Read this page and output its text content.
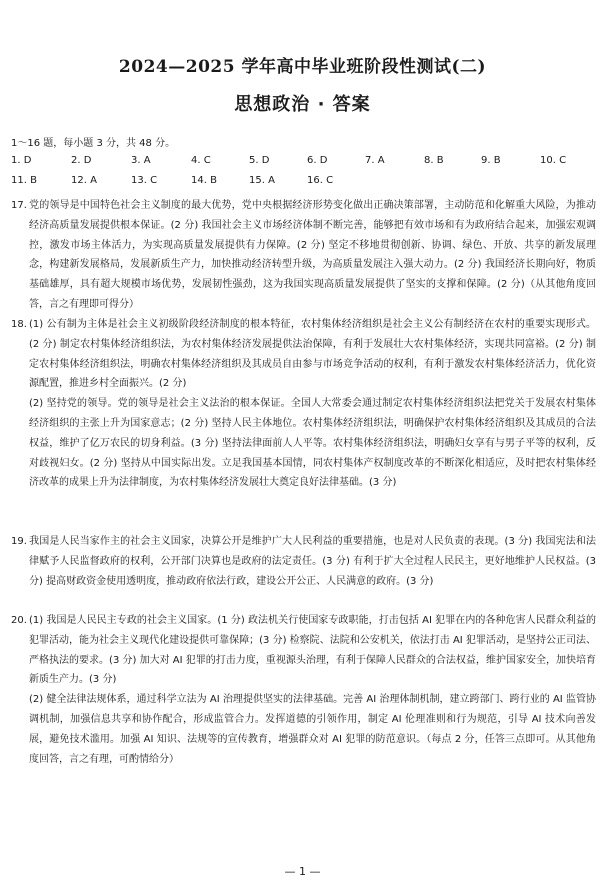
2024—2025 学年高中毕业班阶段性测试(二)
思想政治 · 答案
1～16 题，每小题 3 分，共 48 分。
1. D	2. D	3. A	4. C	5. D	6. D	7. A	8. B	9. B	10. C
11. B	12. A	13. C	14. B	15. A	16. C

17. 党的领导是中国特色社会主义制度的最大优势，党中央根据经济形势变化做出正确决策部署，主动防范和化解重大风险，为推动经济高质量发展提供根本保证。(2 分) 我国社会主义市场经济体制不断完善，能够把有效市场和有为政府结合起来，加强宏观调控，激发市场主体活力，为实现高质量发展提供有力保障。(2 分) 坚定不移地贯彻创新、协调、绿色、开放、共享的新发展理念，构建新发展格局，发展新质生产力，加快推动经济转型升级，为高质量发展注入强大动力。(2 分) 我国经济长期向好，物质基础雄厚，具有超大规模市场优势，发展韧性强劲，这为我国实现高质量发展提供了坚实的支撑和保障。(2 分)（从其他角度回答，言之有理即可得分）

18. (1) 公有制为主体是社会主义初级阶段经济制度的根本特征，农村集体经济组织是社会主义公有制经济在农村的重要实现形式。(2 分) 制定农村集体经济组织法，为农村集体经济发展提供法治保障，有利于发展壮大农村集体经济，实现共同富裕。(2 分) 制定农村集体经济组织法，明确农村集体经济组织及其成员自由参与市场竞争活动的权利，有利于激发农村集体经济活力，优化资源配置，推进乡村全面振兴。(2 分)

(2) 坚持党的领导。党的领导是社会主义法治的根本保证。全国人大常委会通过制定农村集体经济组织法把党关于发展农村集体经济组织的主张上升为国家意志；(2 分) 坚持人民主体地位。农村集体经济组织法，明确保护农村集体经济组织及其成员的合法权益，维护了亿万农民的切身利益。(3 分) 坚持法律面前人人平等。农村集体经济组织法，明确妇女享有与男子平等的权利，反对歧视妇女。(2 分) 坚持从中国实际出发。立足我国基本国情，同农村集体产权制度改革的不断深化相适应，及时把农村集体经济改革的成果上升为法律制度，为农村集体经济发展壮大奠定良好法律基础。(3 分)

19. 我国是人民当家作主的社会主义国家，决算公开是维护广大人民利益的重要措施，也是对人民负责的表现。(3 分) 我国宪法和法律赋予人民监督政府的权利，公开部门决算也是政府的法定责任。(3 分) 有利于扩大全过程人民民主，更好地维护人民权益。(3 分) 提高财政资金使用透明度，推动政府依法行政，建设公开公正、人民满意的政府。(3 分)

20. (1) 我国是人民民主专政的社会主义国家。(1 分) 政法机关行使国家专政职能，打击包括 AI 犯罪在内的各种危害人民群众利益的犯罪活动，能为社会主义现代化建设提供可靠保障；(3 分) 检察院、法院和公安机关，依法打击 AI 犯罪活动，是坚持公正司法、严格执法的要求。(3 分) 加大对 AI 犯罪的打击力度，重视源头治理，有利于保障人民群众的合法权益，维护国家安全，加快培育新质生产力。(3 分)

(2) 健全法律法规体系，通过科学立法为 AI 治理提供坚实的法律基础。完善 AI 治理体制机制，建立跨部门、跨行业的 AI 监管协调机制，加强信息共享和协作配合，形成监管合力。发挥道德的引领作用，制定 AI 伦理准则和行为规范，引导 AI 技术向善发展，避免技术滥用。加强 AI 知识、法规等的宣传教育，增强群众对 AI 犯罪的防范意识。（每点 2 分，任答三点即可。从其他角度回答，言之有理，可酌情给分）

— 1 —
